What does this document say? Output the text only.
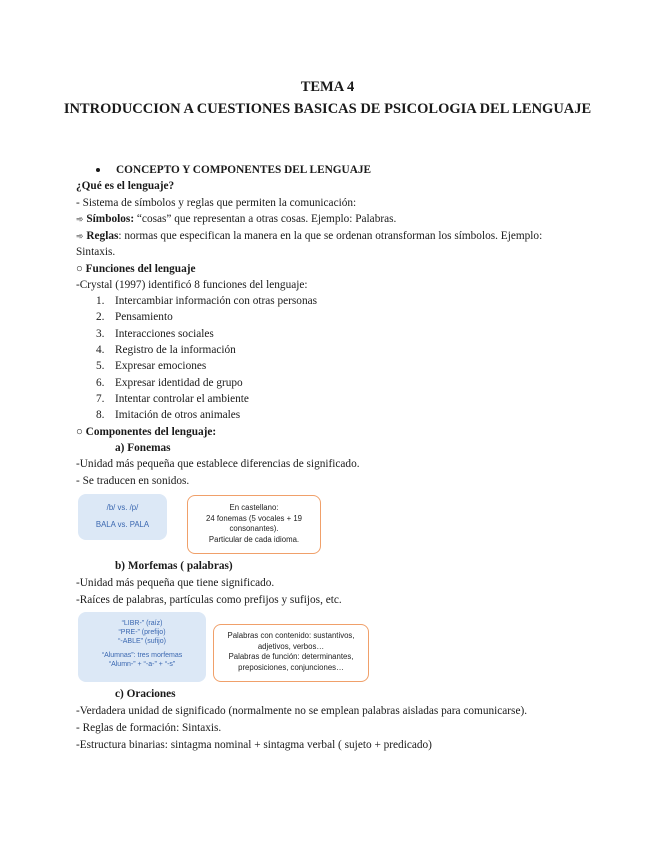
TEMA 4
INTRODUCCION A CUESTIONES BASICAS DE PSICOLOGIA DEL LENGUAJE
CONCEPTO Y COMPONENTES DEL LENGUAJE
¿Qué es el lenguaje?
- Sistema de símbolos y reglas que permiten la comunicación:
➾ Símbolos: “cosas” que representan a otras cosas. Ejemplo: Palabras.
➾ Reglas: normas que especifican la manera en la que se ordenan otransforman los símbolos. Ejemplo:
Sintaxis.
○ Funciones del lenguaje
-Crystal (1997) identificó 8 funciones del lenguaje:
1. Intercambiar información con otras personas
2. Pensamiento
3. Interacciones sociales
4. Registro de la información
5. Expresar emociones
6. Expresar identidad de grupo
7. Intentar controlar el ambiente
8. Imitación de otros animales
○ Componentes del lenguaje:
a) Fonemas
-Unidad más pequeña que establece diferencias de significado.
- Se traducen en sonidos.
/b/ vs. /p/
BALA vs. PALA
En castellano:
24 fonemas (5 vocales + 19
consonantes).
Particular de cada idioma.
b) Morfemas ( palabras)
-Unidad más pequeña que tiene significado.
-Raíces de palabras, partículas como prefijos y sufijos, etc.
“LIBR-” (raíz)
“PRE-” (prefijo)
“-ABLE” (sufijo)
“Alumnas”: tres morfemas
“Alumn-” + “-a-” + “-s”
Palabras con contenido: sustantivos,
adjetivos, verbos…
Palabras de función: determinantes,
preposiciones, conjunciones…
c) Oraciones
-Verdadera unidad de significado (normalmente no se emplean palabras aisladas para comunicarse).
- Reglas de formación: Sintaxis.
-Estructura binarias: sintagma nominal + sintagma verbal ( sujeto + predicado)
